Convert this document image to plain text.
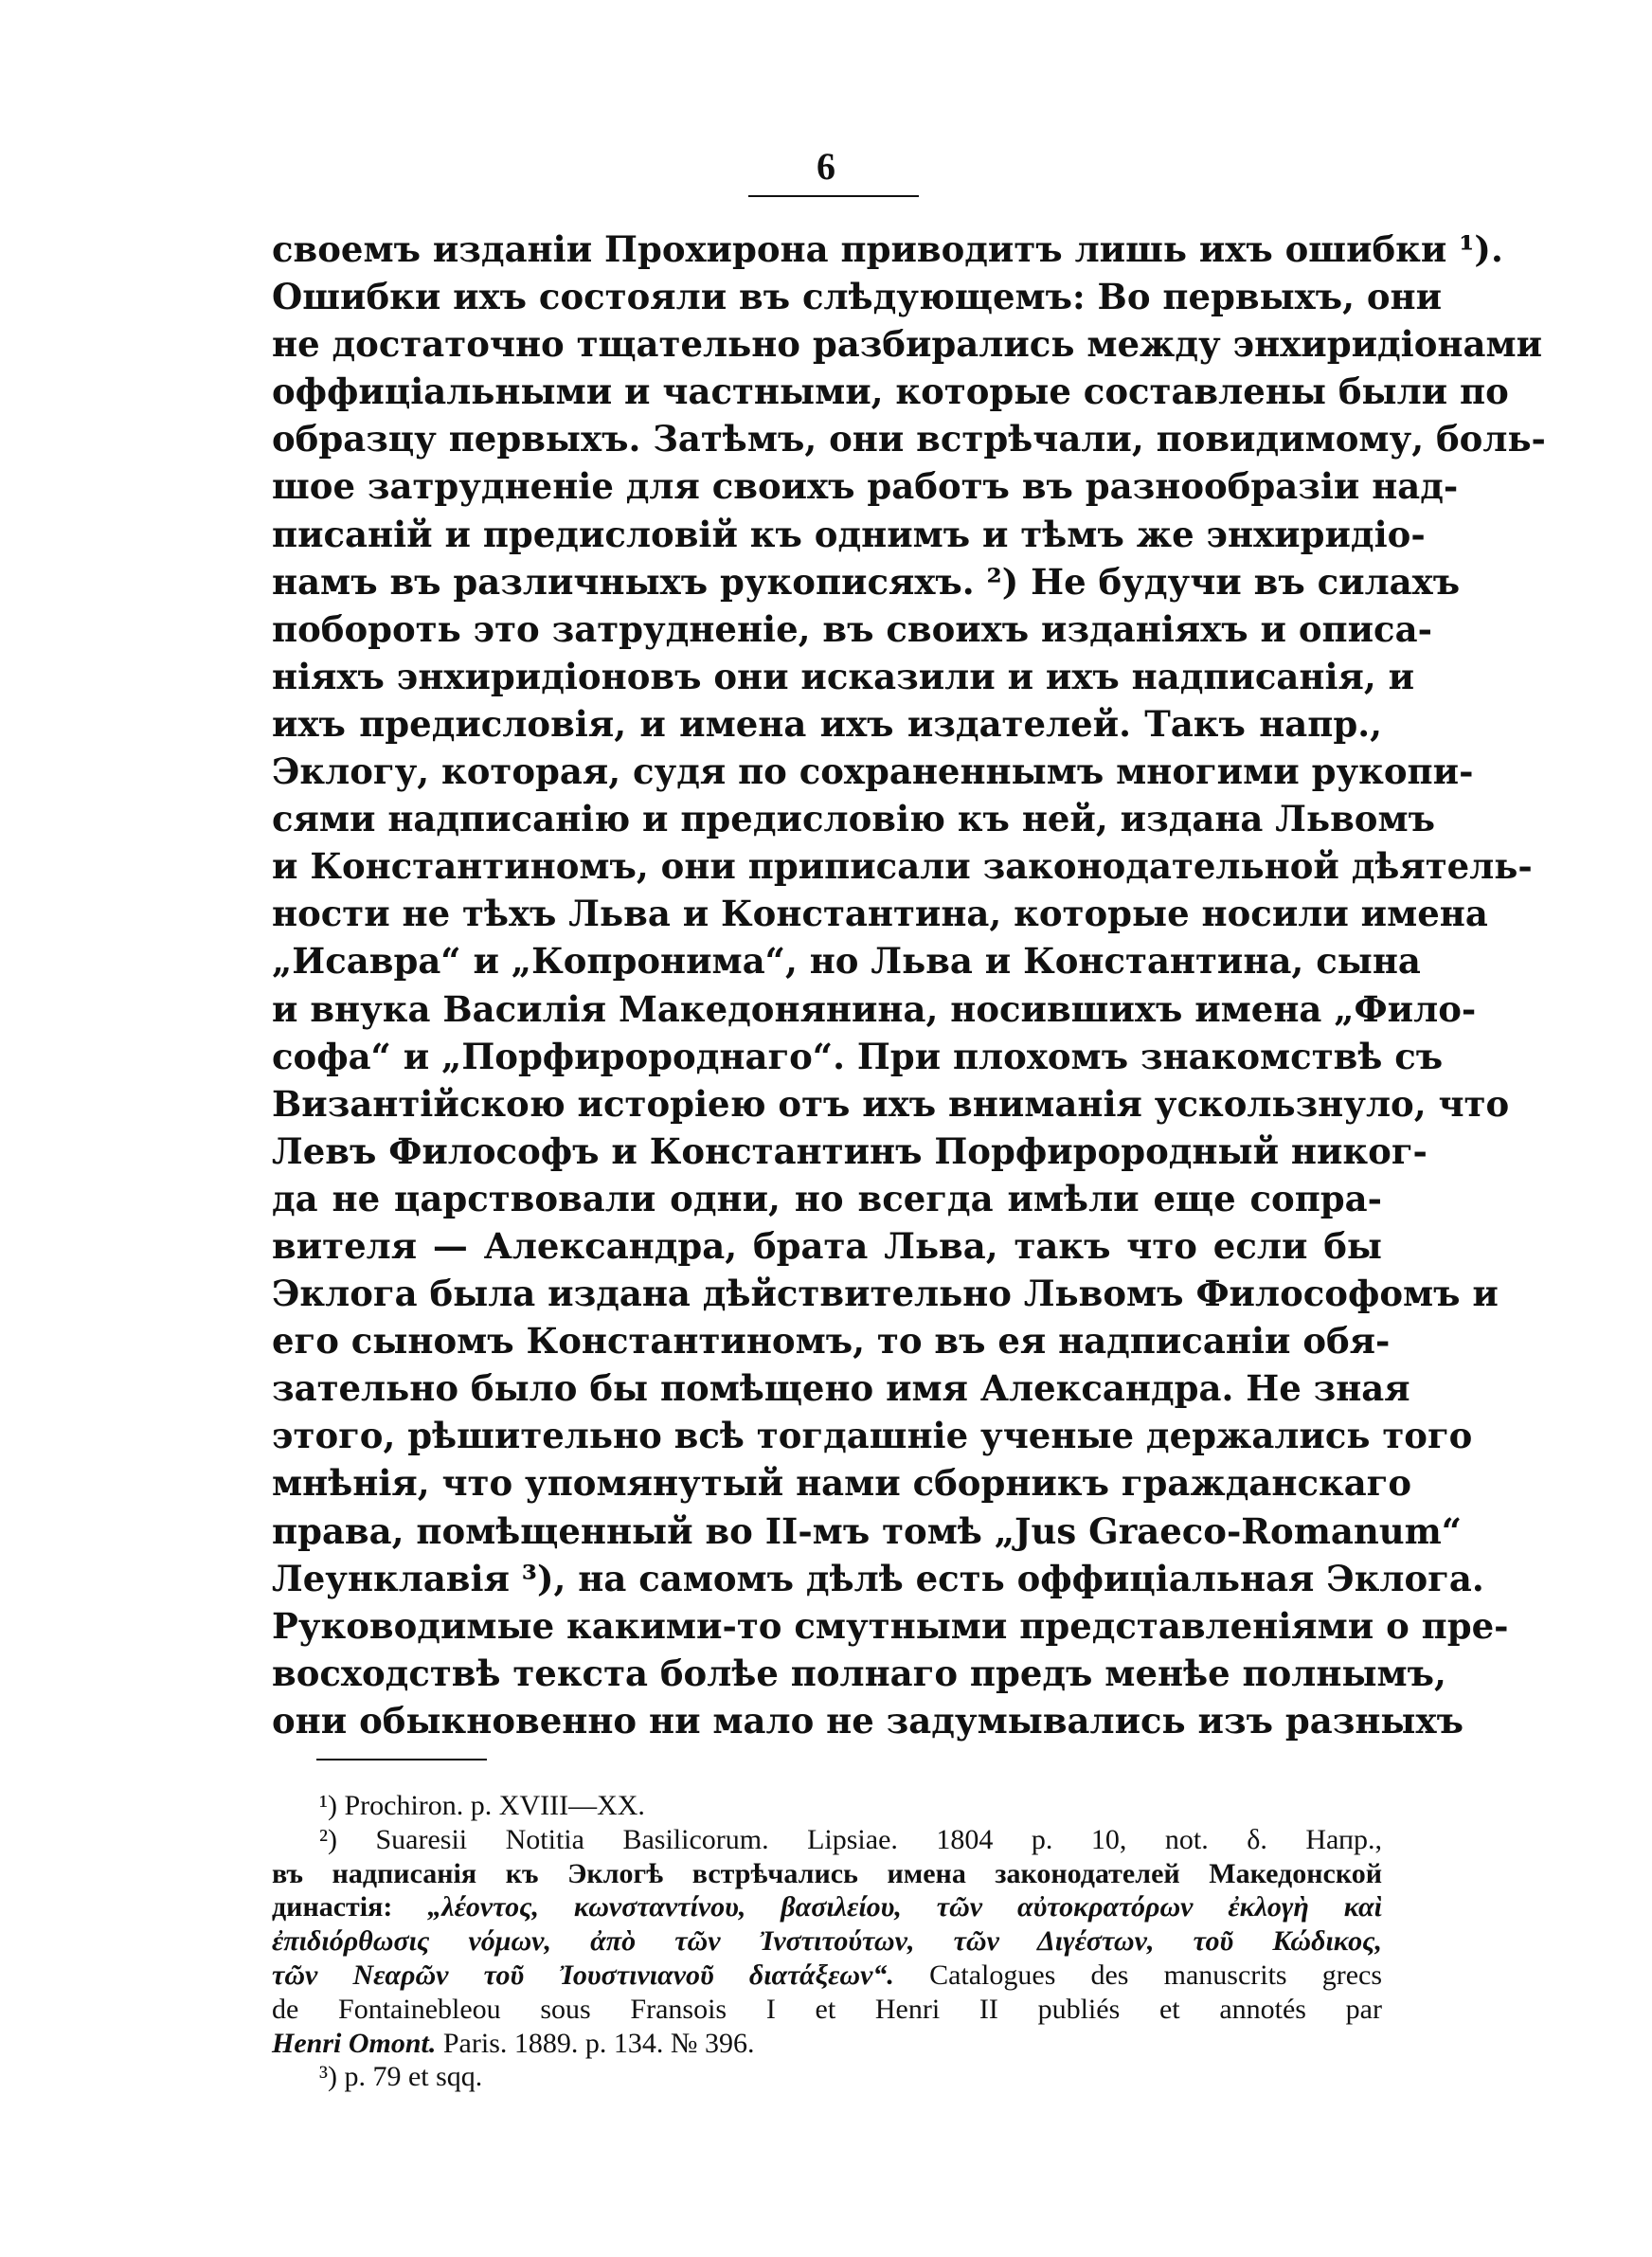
6
своемъ изданіи Прохирона приводитъ лишь ихъ ошибки ¹).
Ошибки ихъ состояли въ слѣдующемъ: Во первыхъ, они
не достаточно тщательно разбирались между энхиридіонами
оффиціальными и частными, которые составлены были по
образцу первыхъ. Затѣмъ, они встрѣчали, повидимому, боль-
шое затрудненіе для своихъ работъ въ разнообразіи над-
писаній и предисловій къ однимъ и тѣмъ же энхиридіо-
намъ въ различныхъ рукописяхъ. ²) Не будучи въ силахъ
побороть это затрудненіе, въ своихъ изданіяхъ и описа-
ніяхъ энхиридіоновъ они исказили и ихъ надписанія, и
ихъ предисловія, и имена ихъ издателей. Такъ напр.,
Эклогу, которая, судя по сохраненнымъ многими рукопи-
сями надписанію и предисловію къ ней, издана Львомъ
и Константиномъ, они приписали законодательной дѣятель-
ности не тѣхъ Льва и Константина, которые носили имена
„Исавра“ и „Копронима“, но Льва и Константина, сына
и внука Василія Македонянина, носившихъ имена „Фило-
софа“ и „Порфиророднаго“. При плохомъ знакомствѣ съ
Византійскою исторіею отъ ихъ вниманія ускользнуло, что
Левъ Философъ и Константинъ Порфирородный никог-
да не царствовали одни, но всегда имѣли еще сопра-
вителя — Александра, брата Льва, такъ что если бы
Эклога была издана дѣйствительно Львомъ Философомъ и
его сыномъ Константиномъ, то въ ея надписаніи обя-
зательно было бы помѣщено имя Александра. Не зная
этого, рѣшительно всѣ тогдашніе ученые держались того
мнѣнія, что упомянутый нами сборникъ гражданскаго
права, помѣщенный во II-мъ томѣ „Jus Graeco-Romanum“
Леунклавія ³), на самомъ дѣлѣ есть оффиціальная Эклога.
Руководимые какими-то смутными представленіями о пре-
восходствѣ текста болѣе полнаго предъ менѣе полнымъ,
они обыкновенно ни мало не задумывались изъ разныхъ
¹) Prochiron. p. XVIII—XX.
²) Suaresii Notitia Basilicorum. Lipsiae. 1804 p. 10, not. δ. Напр.,
въ надписанія къ Эклогѣ встрѣчались имена законодателей Македонской
династія: „λέοντος, κωνσταντίνου, βασιλείου, τῶν αὐτοκρατόρων ἐκλογὴ καὶ
ἐπιδιόρθωσις νόμων, ἀπὸ τῶν Ἰνστιτούτων, τῶν Διγέστων, τοῦ Κώδικος,
τῶν Νεαρῶν τοῦ Ἰουστινιανοῦ διατάξεων“. Catalogues des manuscrits grecs
de Fontainebleou sous Fransois I et Henri II publiés et annotés par
Henri Omont. Paris. 1889. p. 134. № 396.
³) p. 79 et sqq.
